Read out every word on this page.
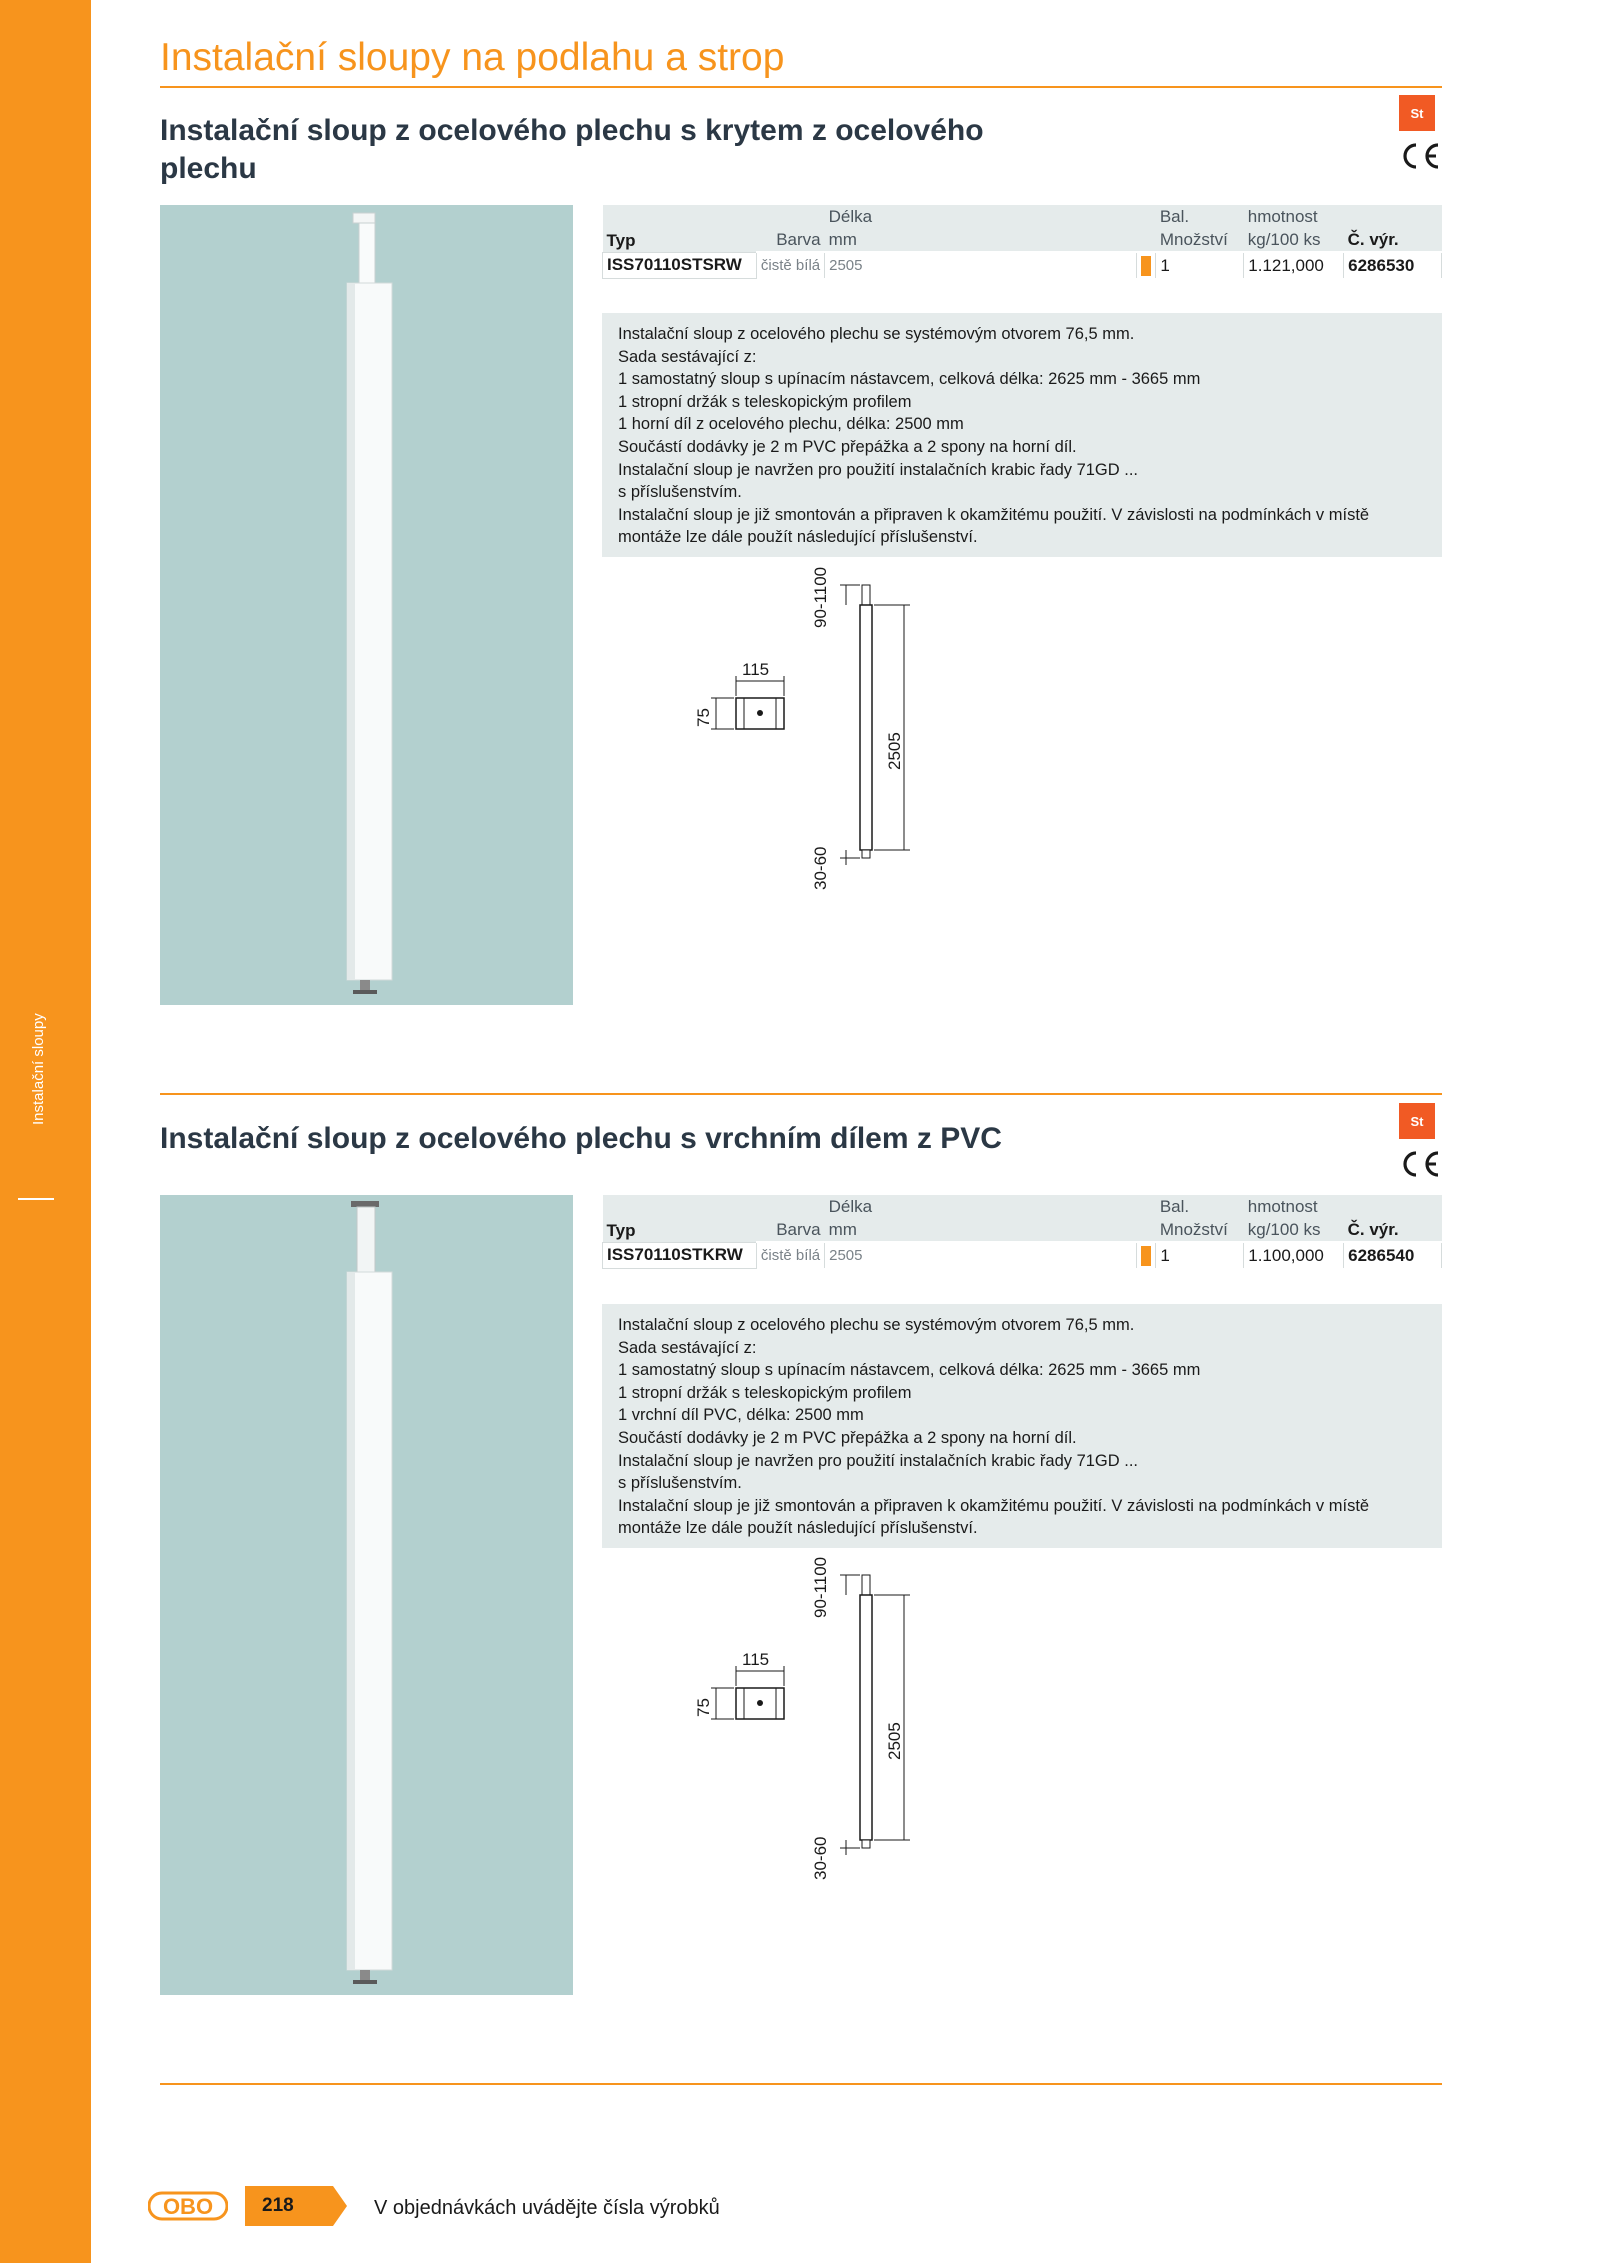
Instalační sloupy
Instalační sloupy na podlahu a strop
Instalační sloup z ocelového plechu s krytem z ocelového plechu
St
		Délka		Bal.	hmotnost	
Typ	Barva	mm		Množství	kg/100 ks	Č. výr.
ISS70110STSRW	čistě bílá	2505		1	1.121,000	6286530

Instalační sloup z ocelového plechu se systémovým otvorem 76,5 mm.

Sada sestávající z:

1 samostatný sloup s upínacím nástavcem, celková délka: 2625 mm - 3665 mm

1 stropní držák s teleskopickým profilem

1 horní díl z ocelového plechu, délka: 2500 mm

Součástí dodávky je 2 m PVC přepážka a 2 spony na horní díl.

Instalační sloup je navržen pro použití instalačních krabic řady 71GD ...

s příslušenstvím.

Instalační sloup je již smontován a připraven k okamžitému použití. V závislosti na podmínkách v místě

montáže lze dále použít následující příslušenství.

115
75
90-1100
2505
30-60
Instalační sloup z ocelového plechu s vrchním dílem z PVC
St
		Délka		Bal.	hmotnost	
Typ	Barva	mm		Množství	kg/100 ks	Č. výr.
ISS70110STKRW	čistě bílá	2505		1	1.100,000	6286540

Instalační sloup z ocelového plechu se systémovým otvorem 76,5 mm.

Sada sestávající z:

1 samostatný sloup s upínacím nástavcem, celková délka: 2625 mm - 3665 mm

1 stropní držák s teleskopickým profilem

1 vrchní díl PVC, délka: 2500 mm

Součástí dodávky je 2 m PVC přepážka a 2 spony na horní díl.

Instalační sloup je navržen pro použití instalačních krabic řady 71GD ...

s příslušenstvím.

Instalační sloup je již smontován a připraven k okamžitému použití. V závislosti na podmínkách v místě

montáže lze dále použít následující příslušenství.

115
75
90-1100
2505
30-60
OBO	218	V objednávkách uvádějte čísla výrobků
